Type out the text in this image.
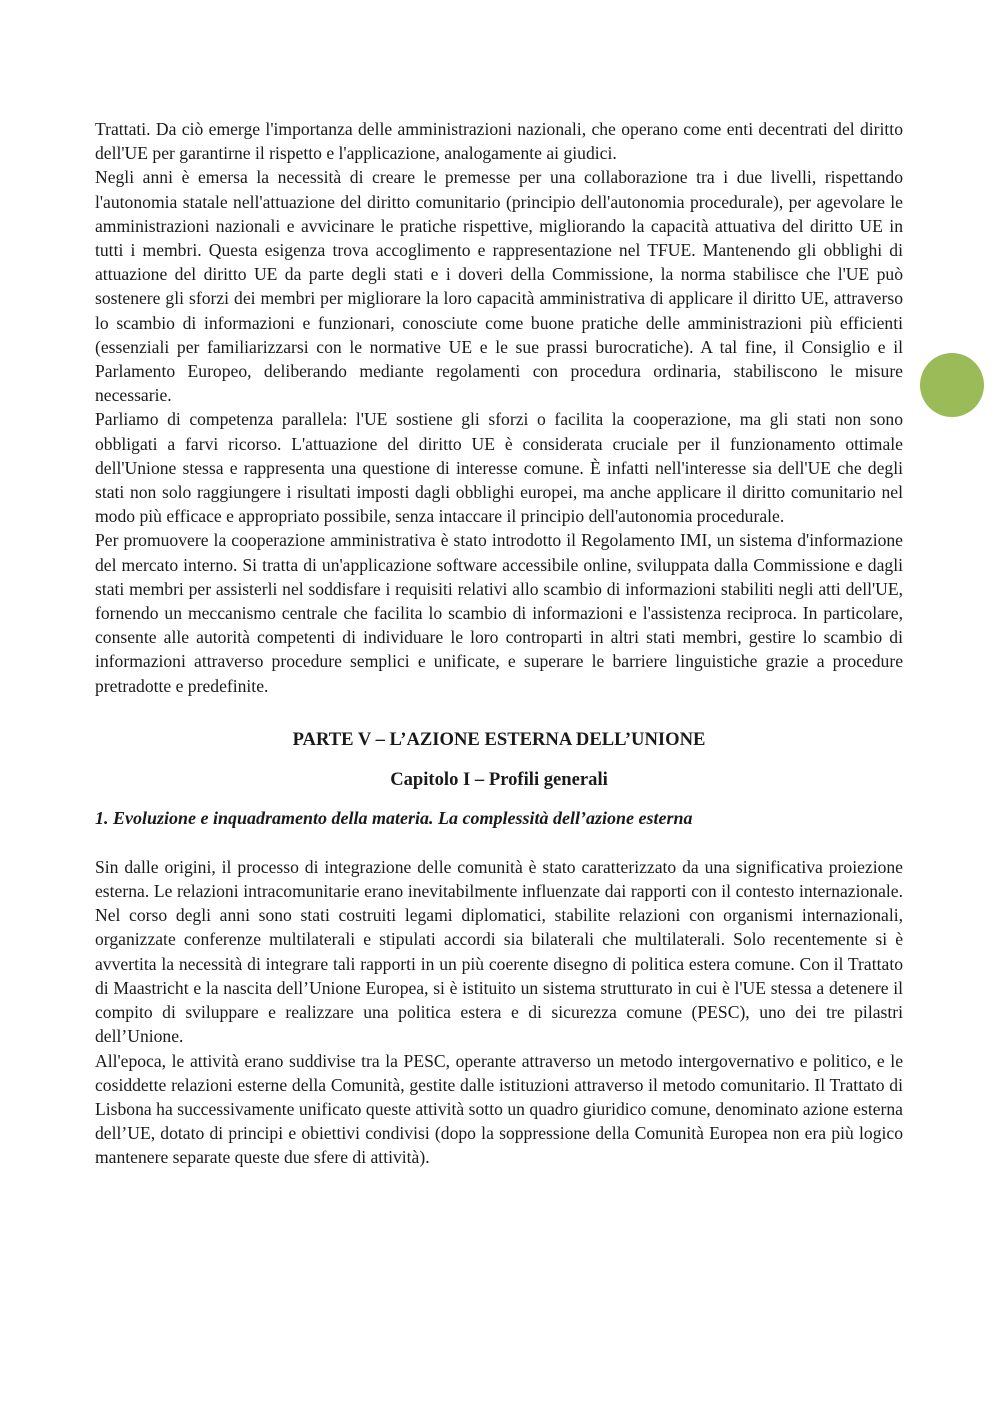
Trattati. Da ciò emerge l'importanza delle amministrazioni nazionali, che operano come enti decentrati del diritto dell'UE per garantirne il rispetto e l'applicazione, analogamente ai giudici.

Negli anni è emersa la necessità di creare le premesse per una collaborazione tra i due livelli, rispettando l'autonomia statale nell'attuazione del diritto comunitario (principio dell'autonomia procedurale), per agevolare le amministrazioni nazionali e avvicinare le pratiche rispettive, migliorando la capacità attuativa del diritto UE in tutti i membri. Questa esigenza trova accoglimento e rappresentazione nel TFUE. Mantenendo gli obblighi di attuazione del diritto UE da parte degli stati e i doveri della Commissione, la norma stabilisce che l'UE può sostenere gli sforzi dei membri per migliorare la loro capacità amministrativa di applicare il diritto UE, attraverso lo scambio di informazioni e funzionari, conosciute come buone pratiche delle amministrazioni più efficienti (essenziali per familiarizzarsi con le normative UE e le sue prassi burocratiche). A tal fine, il Consiglio e il Parlamento Europeo, deliberando mediante regolamenti con procedura ordinaria, stabiliscono le misure necessarie.

Parliamo di competenza parallela: l'UE sostiene gli sforzi o facilita la cooperazione, ma gli stati non sono obbligati a farvi ricorso. L'attuazione del diritto UE è considerata cruciale per il funzionamento ottimale dell'Unione stessa e rappresenta una questione di interesse comune. È infatti nell'interesse sia dell'UE che degli stati non solo raggiungere i risultati imposti dagli obblighi europei, ma anche applicare il diritto comunitario nel modo più efficace e appropriato possibile, senza intaccare il principio dell'autonomia procedurale.

Per promuovere la cooperazione amministrativa è stato introdotto il Regolamento IMI, un sistema d'informazione del mercato interno. Si tratta di un'applicazione software accessibile online, sviluppata dalla Commissione e dagli stati membri per assisterli nel soddisfare i requisiti relativi allo scambio di informazioni stabiliti negli atti dell'UE, fornendo un meccanismo centrale che facilita lo scambio di informazioni e l'assistenza reciproca. In particolare, consente alle autorità competenti di individuare le loro controparti in altri stati membri, gestire lo scambio di informazioni attraverso procedure semplici e unificate, e superare le barriere linguistiche grazie a procedure pretradotte e predefinite.

PARTE V – L’AZIONE ESTERNA DELL’UNIONE
Capitolo I – Profili generali
1. Evoluzione e inquadramento della materia. La complessità dell’azione esterna

Sin dalle origini, il processo di integrazione delle comunità è stato caratterizzato da una significativa proiezione esterna. Le relazioni intracomunitarie erano inevitabilmente influenzate dai rapporti con il contesto internazionale. Nel corso degli anni sono stati costruiti legami diplomatici, stabilite relazioni con organismi internazionali, organizzate conferenze multilaterali e stipulati accordi sia bilaterali che multilaterali. Solo recentemente si è avvertita la necessità di integrare tali rapporti in un più coerente disegno di politica estera comune. Con il Trattato di Maastricht e la nascita dell’Unione Europea, si è istituito un sistema strutturato in cui è l'UE stessa a detenere il compito di sviluppare e realizzare una politica estera e di sicurezza comune (PESC), uno dei tre pilastri dell’Unione.

All'epoca, le attività erano suddivise tra la PESC, operante attraverso un metodo intergovernativo e politico, e le cosiddette relazioni esterne della Comunità, gestite dalle istituzioni attraverso il metodo comunitario. Il Trattato di Lisbona ha successivamente unificato queste attività sotto un quadro giuridico comune, denominato azione esterna dell’UE, dotato di principi e obiettivi condivisi (dopo la soppressione della Comunità Europea non era più logico mantenere separate queste due sfere di attività).
